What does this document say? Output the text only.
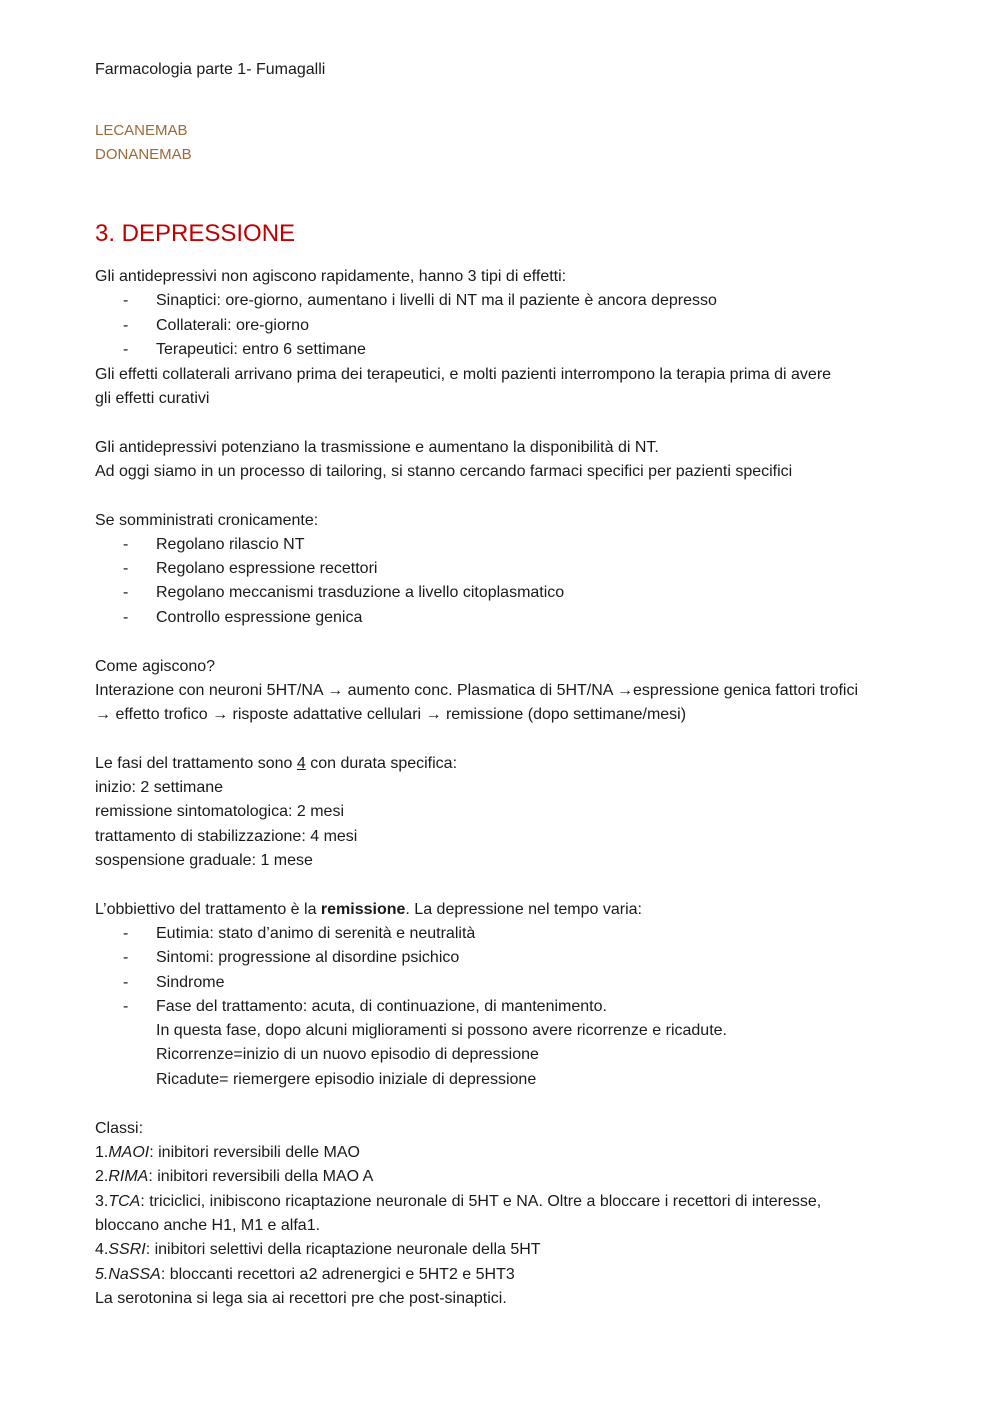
Farmacologia parte 1- Fumagalli
LECANEMAB
DONANEMAB
3. DEPRESSIONE
Gli antidepressivi non agiscono rapidamente, hanno 3 tipi di effetti:
- Sinaptici: ore-giorno, aumentano i livelli di NT ma il paziente è ancora depresso
- Collaterali: ore-giorno
- Terapeutici: entro 6 settimane
Gli effetti collaterali arrivano prima dei terapeutici, e molti pazienti interrompono la terapia prima di avere
gli effetti curativi
Gli antidepressivi potenziano la trasmissione e aumentano la disponibilità di NT.
Ad oggi siamo in un processo di tailoring, si stanno cercando farmaci specifici per pazienti specifici
Se somministrati cronicamente:
- Regolano rilascio NT
- Regolano espressione recettori
- Regolano meccanismi trasduzione a livello citoplasmatico
- Controllo espressione genica
Come agiscono?
Interazione con neuroni 5HT/NA → aumento conc. Plasmatica di 5HT/NA →espressione genica fattori trofici
→ effetto trofico → risposte adattative cellulari → remissione (dopo settimane/mesi)
Le fasi del trattamento sono 4 con durata specifica:
inizio: 2 settimane
remissione sintomatologica: 2 mesi
trattamento di stabilizzazione: 4 mesi
sospensione graduale: 1 mese
L’obbiettivo del trattamento è la remissione. La depressione nel tempo varia:
- Eutimia: stato d’animo di serenità e neutralità
- Sintomi: progressione al disordine psichico
- Sindrome
- Fase del trattamento: acuta, di continuazione, di mantenimento.
In questa fase, dopo alcuni miglioramenti si possono avere ricorrenze e ricadute.
Ricorrenze=inizio di un nuovo episodio di depressione
Ricadute= riemergere episodio iniziale di depressione
Classi:
1.MAOI: inibitori reversibili delle MAO
2.RIMA: inibitori reversibili della MAO A
3.TCA: triciclici, inibiscono ricaptazione neuronale di 5HT e NA. Oltre a bloccare i recettori di interesse,
bloccano anche H1, M1 e alfa1.
4.SSRI: inibitori selettivi della ricaptazione neuronale della 5HT
5.NaSSA: bloccanti recettori a2 adrenergici e 5HT2 e 5HT3
La serotonina si lega sia ai recettori pre che post-sinaptici.
